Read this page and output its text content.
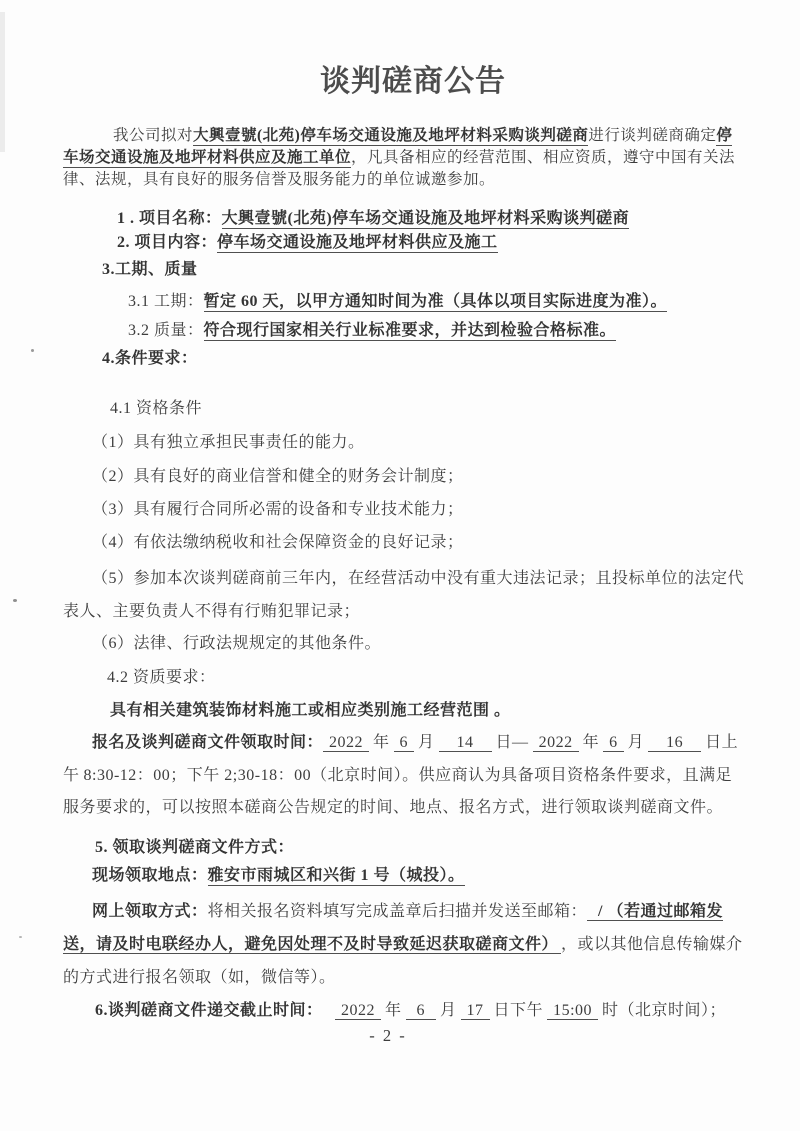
谈判磋商公告

我公司拟对大興壹號(北苑)停车场交通设施及地坪材料采购谈判磋商进行谈判磋商确定停车场交通设施及地坪材料供应及施工单位，凡具备相应的经营范围、相应资质，遵守中国有关法律、法规，具有良好的服务信誉及服务能力的单位诚邀参加。

1 . 项目名称：大興壹號(北苑)停车场交通设施及地坪材料采购谈判磋商

2. 项目内容：停车场交通设施及地坪材料供应及施工

3.工期、质量

3.1 工期：暂定 60 天，以甲方通知时间为准（具体以项目实际进度为准）。

3.2 质量：符合现行国家相关行业标准要求，并达到检验合格标准。

4.条件要求：

4.1 资格条件

（1）具有独立承担民事责任的能力。

（2）具有良好的商业信誉和健全的财务会计制度；

（3）具有履行合同所必需的设备和专业技术能力；

（4）有依法缴纳税收和社会保障资金的良好记录；

（5）参加本次谈判磋商前三年内，在经营活动中没有重大违法记录；且投标单位的法定代表人、主要负责人不得有行贿犯罪记录；

（6）法律、行政法规规定的其他条件。

4.2 资质要求：

具有相关建筑装饰材料施工或相应类别施工经营范围 。

报名及谈判磋商文件领取时间： 2022 年 6 月 14 日— 2022 年 6 月 16 日上午 8:30-12：00；下午 2;30-18：00（北京时间）。供应商认为具备项目资格条件要求，且满足服务要求的，可以按照本磋商公告规定的时间、地点、报名方式，进行领取谈判磋商文件。

5. 领取谈判磋商文件方式：

现场领取地点：雅安市雨城区和兴街 1 号（城投）。

网上领取方式：将相关报名资料填写完成盖章后扫描并发送至邮箱： / （若通过邮箱发送，请及时电联经办人，避免因处理不及时导致延迟获取磋商文件） ，或以其他信息传输媒介的方式进行报名领取（如，微信等）。

6.谈判磋商文件递交截止时间： 2022 年 6 月 17 日下午 15:00 时（北京时间）；

- 2 -
